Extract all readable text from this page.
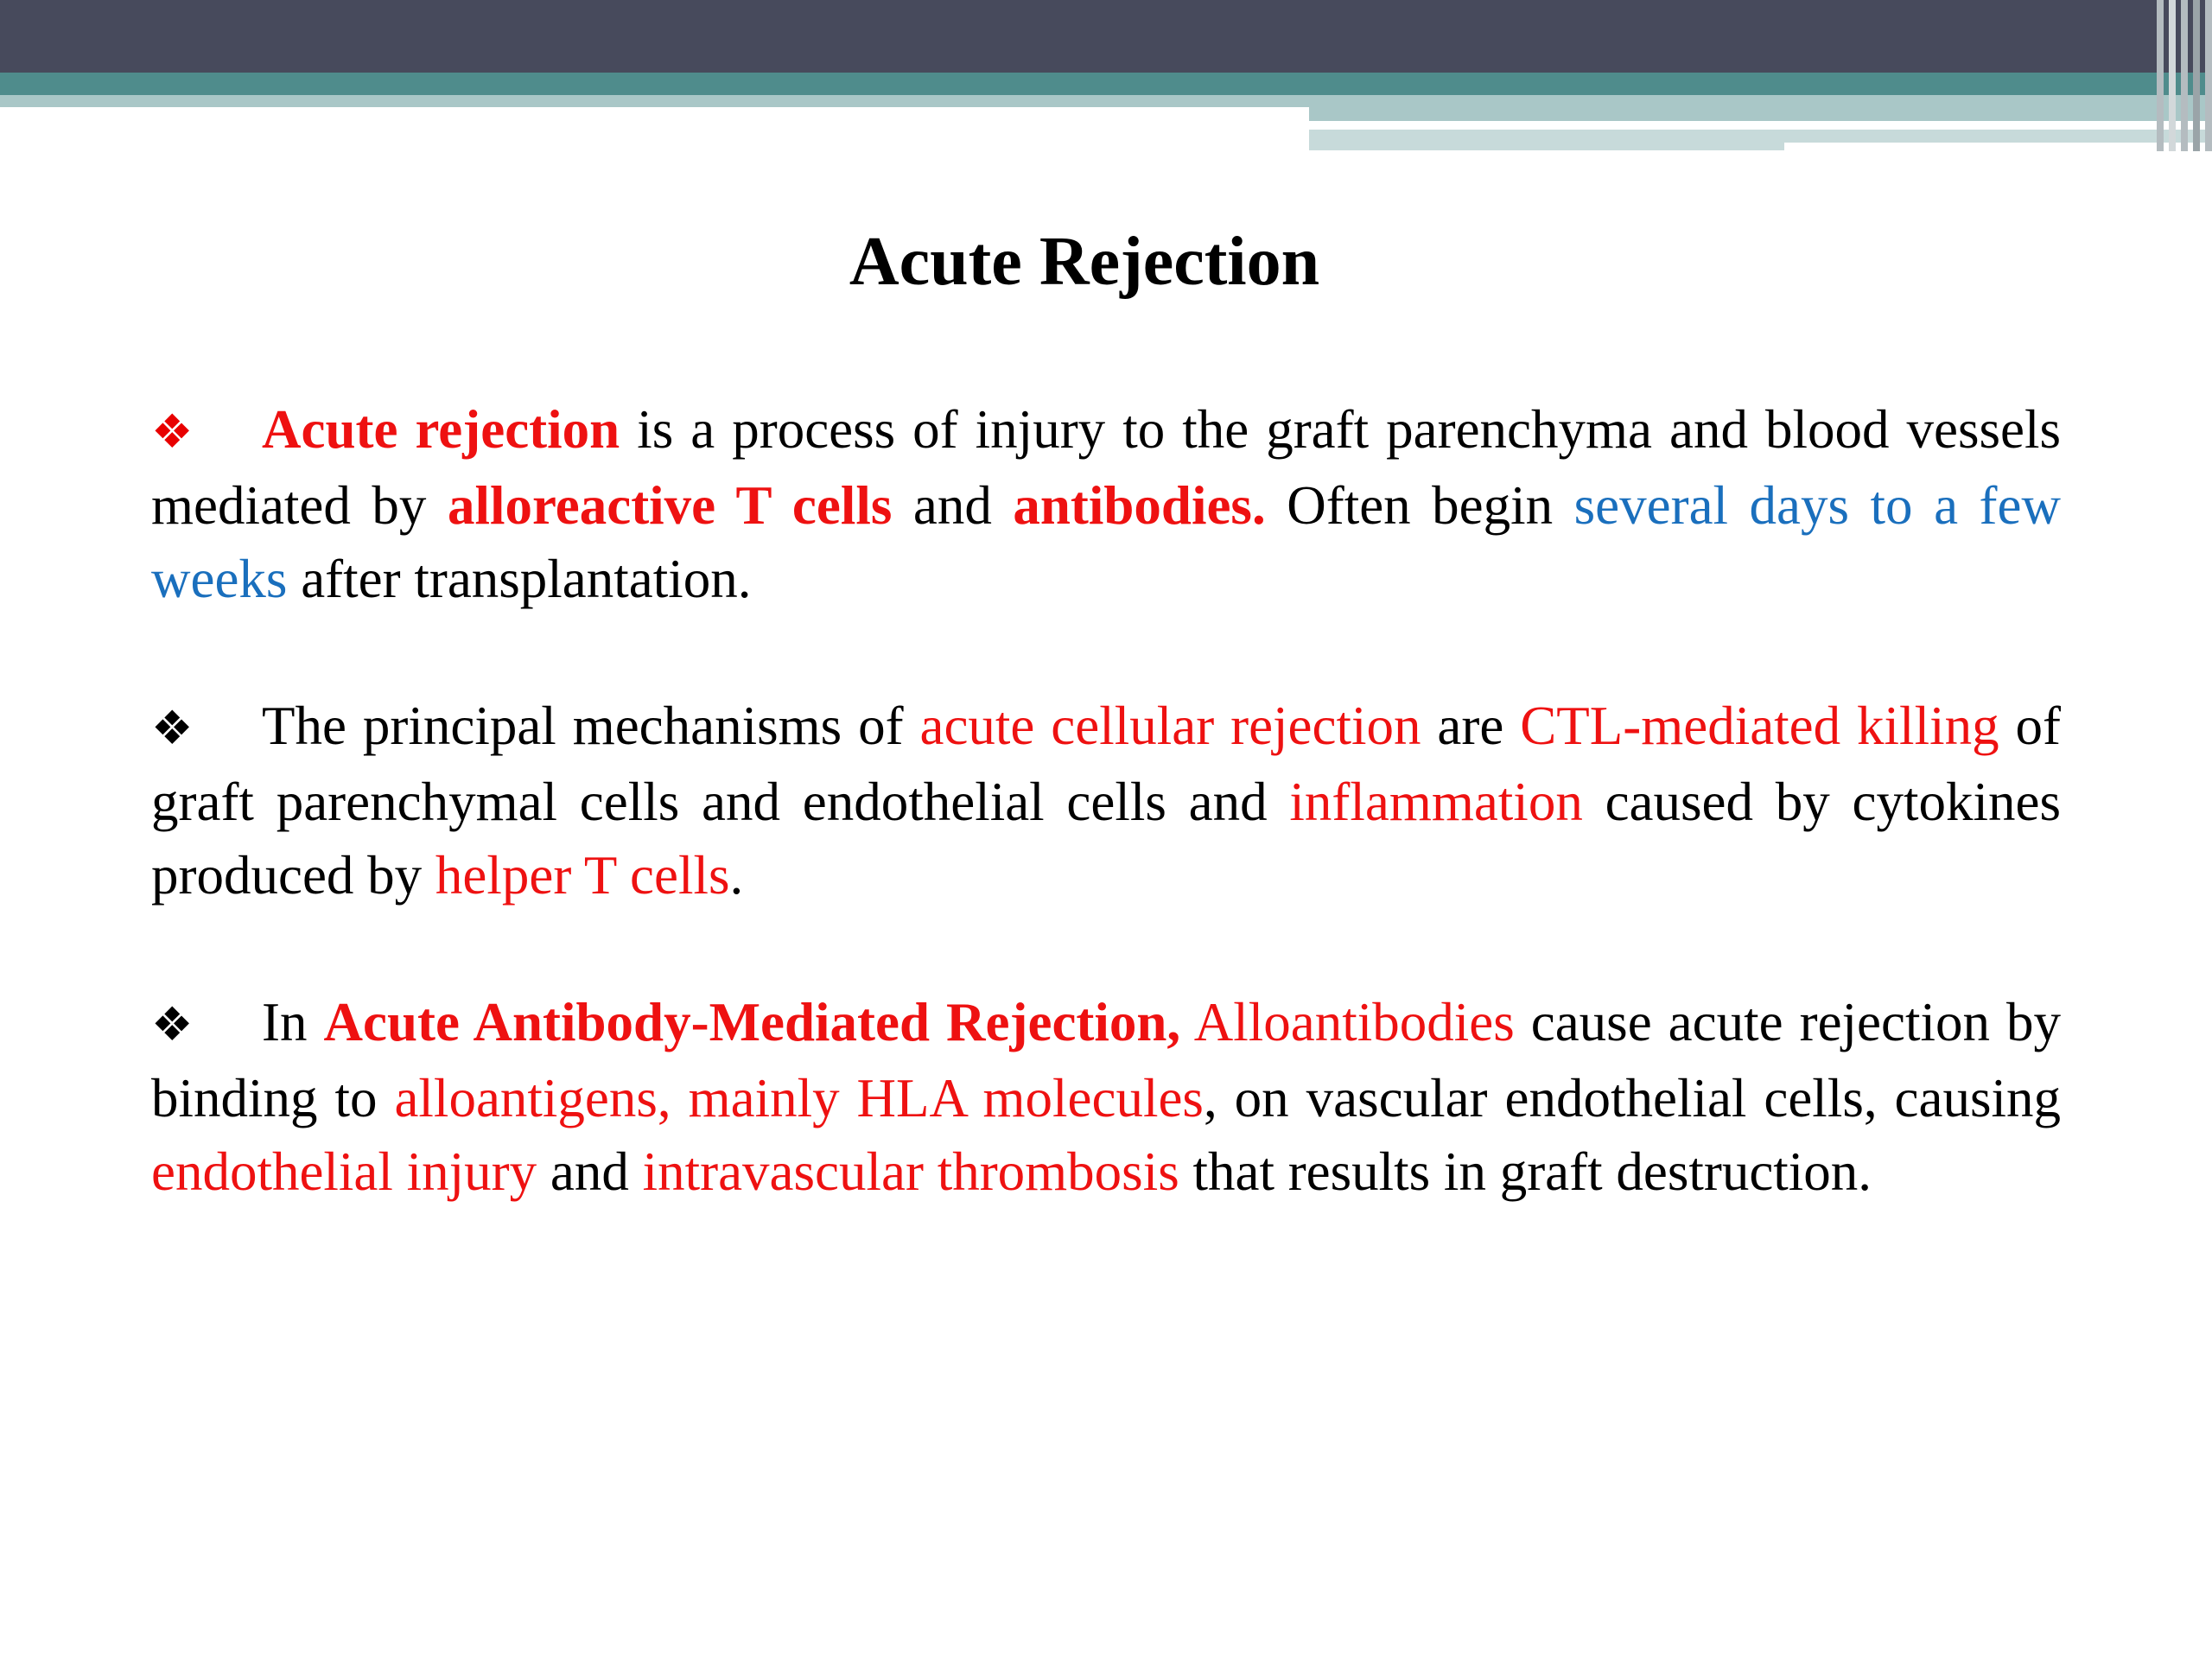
Acute Rejection

❖ Acute rejection is a process of injury to the graft parenchyma and blood vessels mediated by alloreactive T cells and antibodies. Often begin several days to a few weeks after transplantation.

❖ The principal mechanisms of acute cellular rejection are CTL-mediated killing of graft parenchymal cells and endothelial cells and inflammation caused by cytokines produced by helper T cells.

❖ In Acute Antibody-Mediated Rejection, Alloantibodies cause acute rejection by binding to alloantigens, mainly HLA molecules, on vascular endothelial cells, causing endothelial injury and intravascular thrombosis that results in graft destruction.
